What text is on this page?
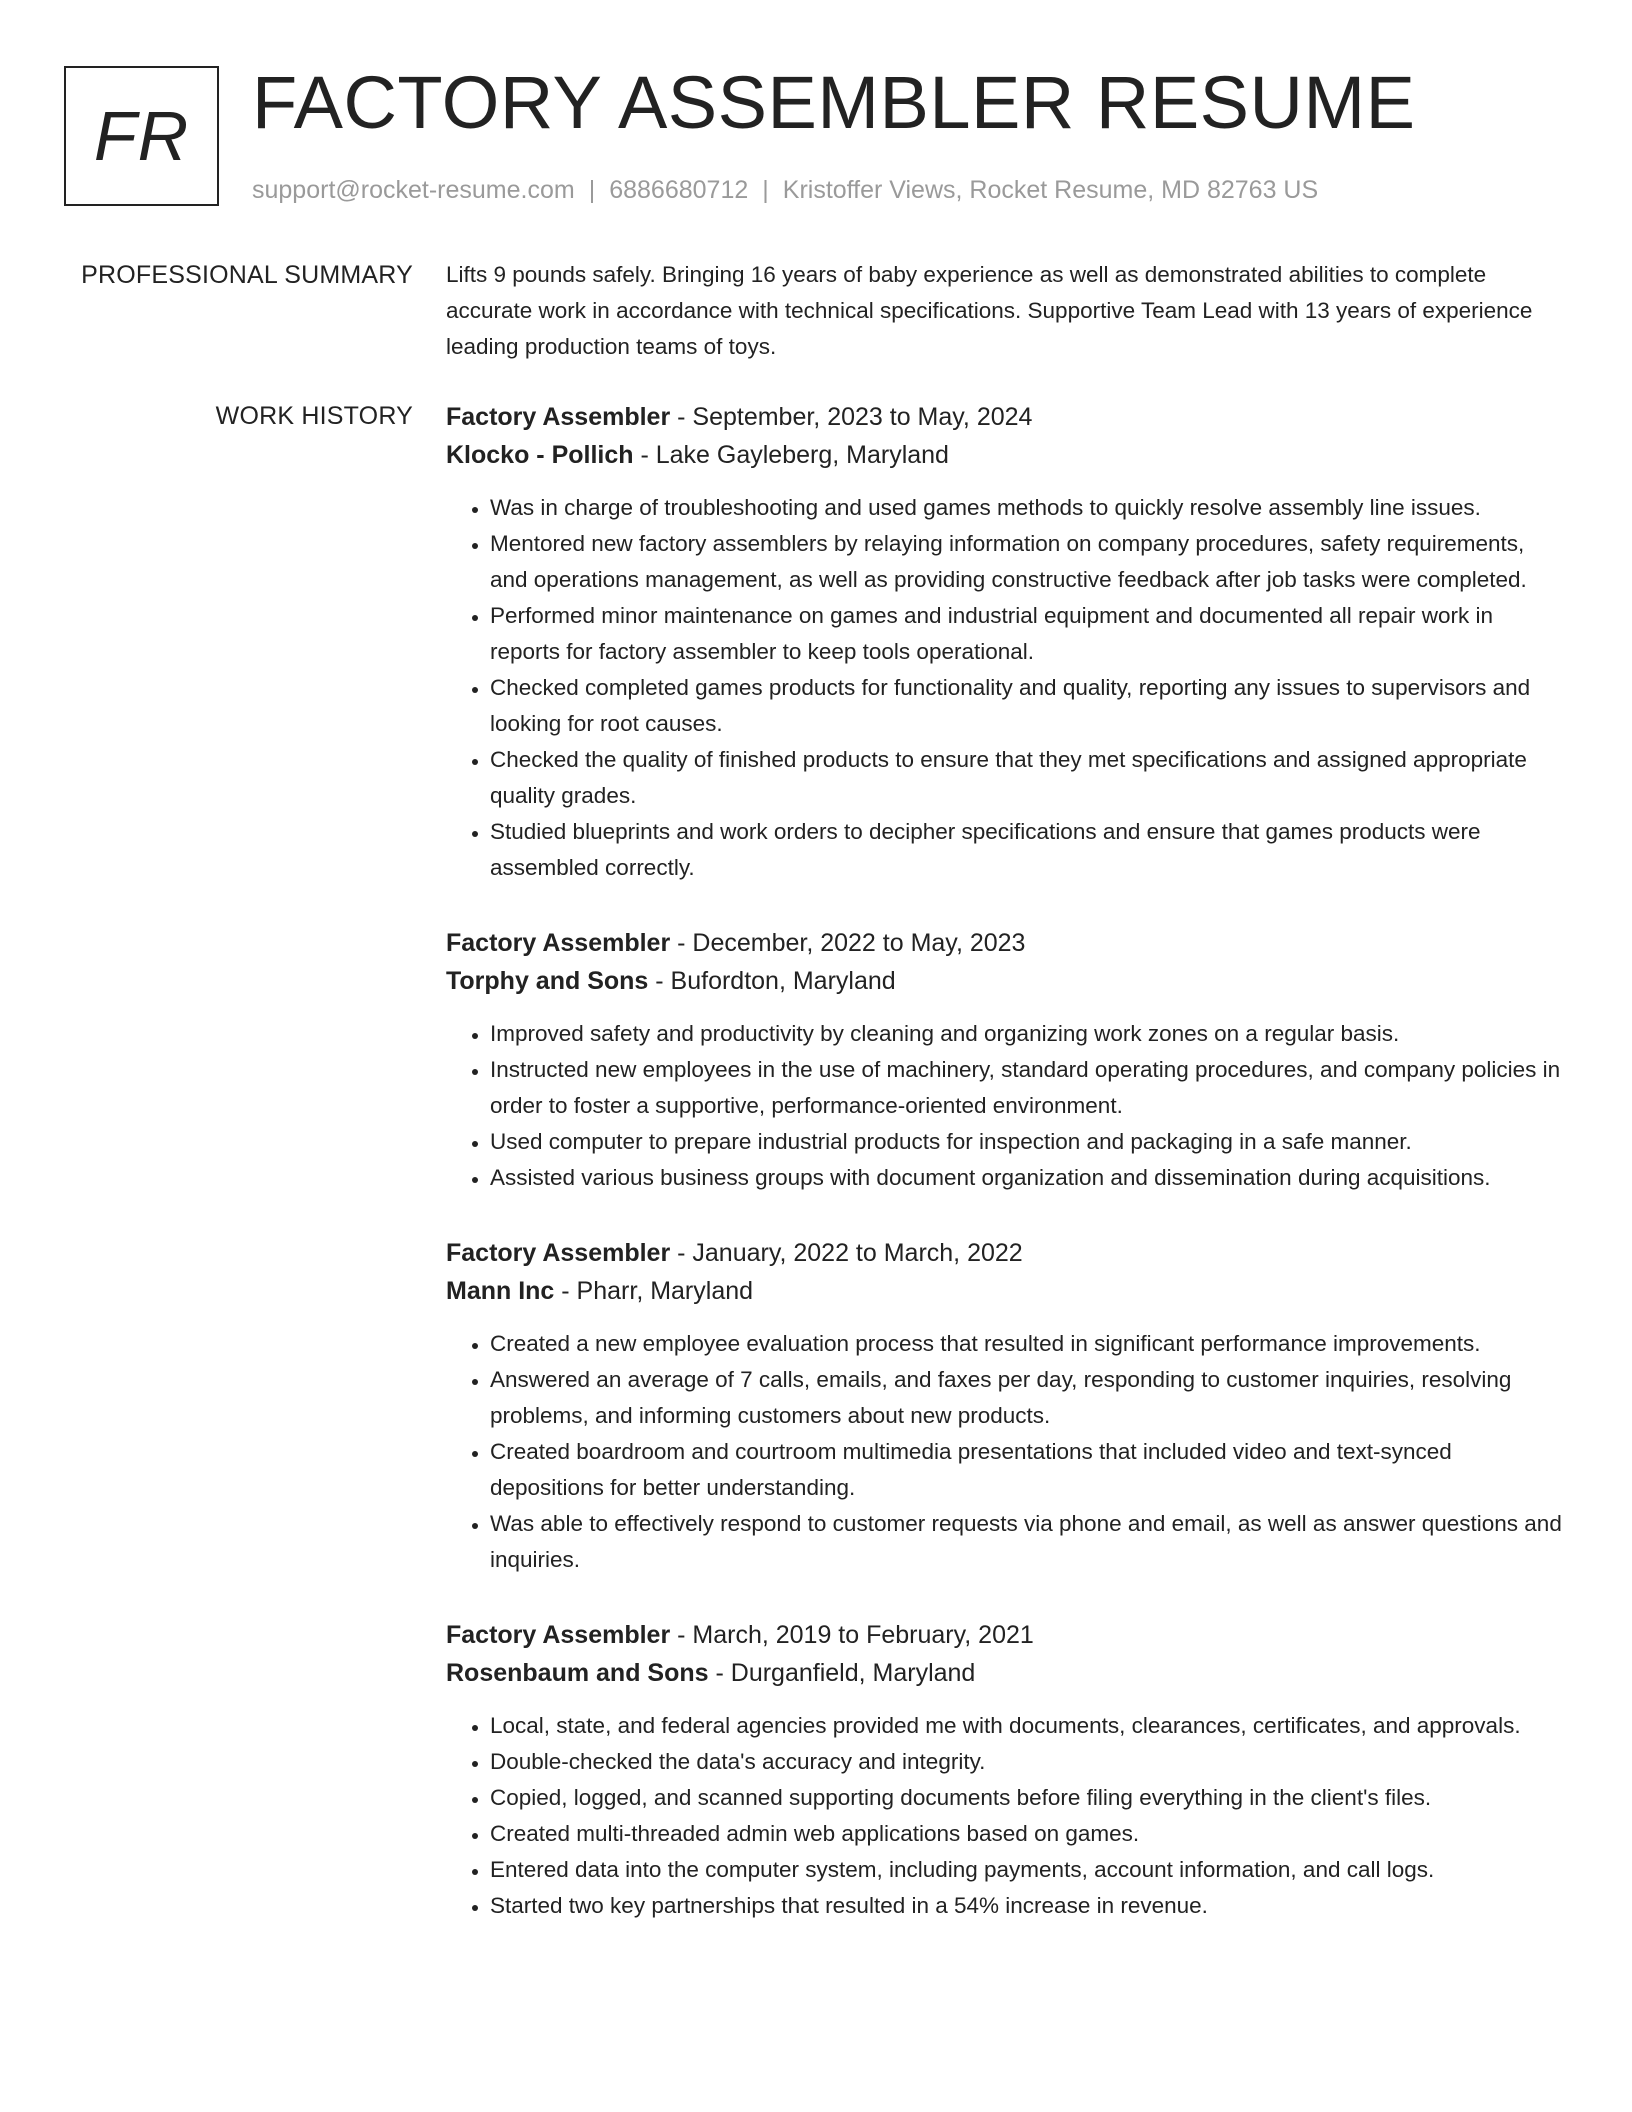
FR FACTORY ASSEMBLER RESUME
support@rocket-resume.com | 6886680712 | Kristoffer Views, Rocket Resume, MD 82763 US
PROFESSIONAL SUMMARY Lifts 9 pounds safely. Bringing 16 years of baby experience as well as demonstrated abilities to complete accurate work in accordance with technical specifications. Supportive Team Lead with 13 years of experience leading production teams of toys.

WORK HISTORY Factory Assembler - September, 2023 to May, 2024
Klocko - Pollich - Lake Gayleberg, Maryland
• Was in charge of troubleshooting and used games methods to quickly resolve assembly line issues.
• Mentored new factory assemblers by relaying information on company procedures, safety requirements, and operations management, as well as providing constructive feedback after job tasks were completed.
• Performed minor maintenance on games and industrial equipment and documented all repair work in reports for factory assembler to keep tools operational.
• Checked completed games products for functionality and quality, reporting any issues to supervisors and looking for root causes.
• Checked the quality of finished products to ensure that they met specifications and assigned appropriate quality grades.
• Studied blueprints and work orders to decipher specifications and ensure that games products were assembled correctly.
Factory Assembler - December, 2022 to May, 2023
Torphy and Sons - Bufordton, Maryland
• Improved safety and productivity by cleaning and organizing work zones on a regular basis.
• Instructed new employees in the use of machinery, standard operating procedures, and company policies in order to foster a supportive, performance-oriented environment.
• Used computer to prepare industrial products for inspection and packaging in a safe manner.
• Assisted various business groups with document organization and dissemination during acquisitions.
Factory Assembler - January, 2022 to March, 2022
Mann Inc - Pharr, Maryland
• Created a new employee evaluation process that resulted in significant performance improvements.
• Answered an average of 7 calls, emails, and faxes per day, responding to customer inquiries, resolving problems, and informing customers about new products.
• Created boardroom and courtroom multimedia presentations that included video and text-synced depositions for better understanding.
• Was able to effectively respond to customer requests via phone and email, as well as answer questions and inquiries.
Factory Assembler - March, 2019 to February, 2021
Rosenbaum and Sons - Durganfield, Maryland
• Local, state, and federal agencies provided me with documents, clearances, certificates, and approvals.
• Double-checked the data's accuracy and integrity.
• Copied, logged, and scanned supporting documents before filing everything in the client's files.
• Created multi-threaded admin web applications based on games.
• Entered data into the computer system, including payments, account information, and call logs.
• Started two key partnerships that resulted in a 54% increase in revenue.
